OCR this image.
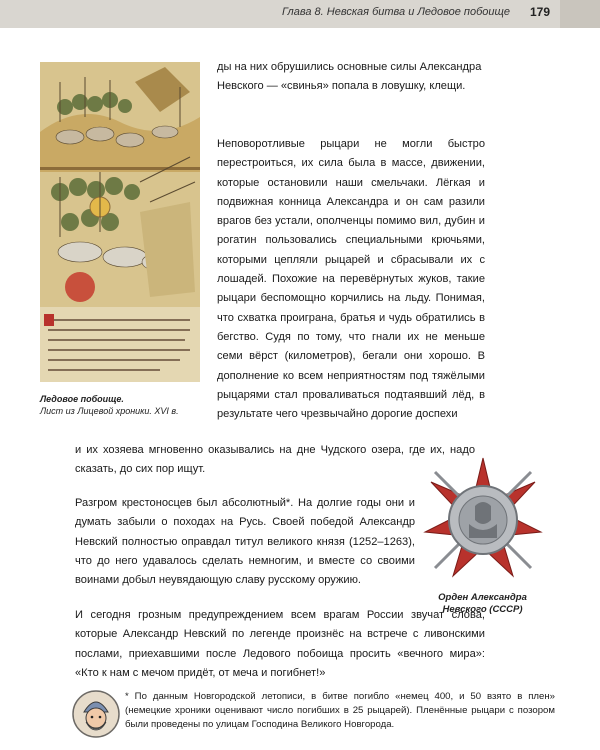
Глава 8. Невская битва и Ледовое побоище 179
Ледовое побоище.
Лист из Лицевой хроники. XVI в.

ды на них обрушились основные силы Александра Невского — «свинья» попала в ловушку, клещи.

Неповоротливые рыцари не могли быстро перестроиться, их сила была в массе, движении, которые остановили наши смельчаки. Лёгкая и подвижная конница Александра и он сам разили врагов без устали, ополченцы помимо вил, дубин и рогатин пользовались специальными крючьями, которыми цепляли рыцарей и сбрасывали их с лошадей. Похожие на перевёрнутых жуков, такие рыцари беспомощно корчились на льду. Понимая, что схватка проиграна, братья и чудь обратились в бегство. Судя по тому, что гнали их не меньше семи вёрст (километров), бегали они хорошо. В дополнение ко всем неприятностям под тяжёлыми рыцарями стал проваливаться подтаявший лёд, в результате чего чрезвычайно дорогие доспехи

и их хозяева мгновенно оказывались на дне Чудского озера, где их, надо сказать, до сих пор ищут.

Разгром крестоносцев был абсолютный*. На долгие годы они и думать забыли о походах на Русь. Своей победой Александр Невский полностью оправдал титул великого князя (1252–1263), что до него удавалось сделать немногим, и вместе со своими воинами добыл неувядающую славу русскому оружию.

Орден Александра Невского (СССР)

И сегодня грозным предупреждением всем врагам России звучат слова, которые Александр Невский по легенде произнёс на встрече с ливонскими послами, приехавшими после Ледового побоища просить «вечного мира»: «Кто к нам с мечом придёт, от меча и погибнет!»

* По данным Новгородской летописи, в битве погибло «немец 400, и 50 взято в плен» (немецкие хроники оценивают число погибших в 25 рыцарей). Пленённые рыцари с позором были проведены по улицам Господина Великого Новгорода.
